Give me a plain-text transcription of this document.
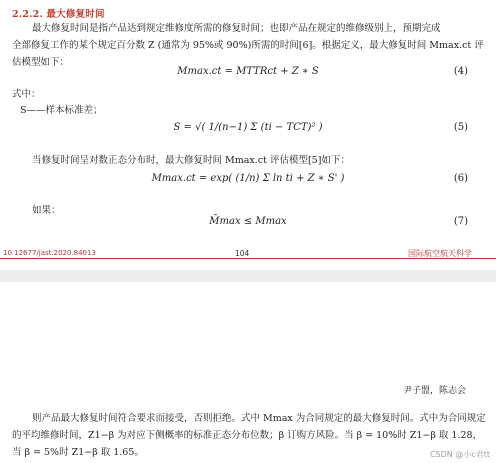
2.2.2. 最大修复时间
最大修复时间是指产品达到规定维修度所需的修复时间；也即产品在规定的维修级别上，预期完成
全部修复工作的某个规定百分数 Z (通常为 95%或 90%)所需的时间[6]。根据定义，最大修复时间 Mmax.ct 评
估模型如下：
Mmax.ct = MTTRct + Z ∗ S	(4)
式中：
S——样本标准差；
S = √( 1/(n−1) Σ (ti − TCT)² )	(5)
当修复时间呈对数正态分布时，最大修复时间 Mmax.ct 评估模型[5]如下：
Mmax.ct = exp( (1/n) Σ ln ti + Z ∗ S' )	(6)
如果：
M̄max ≤ Mmax	(7)
10.12677/jast.2020.84013	104	国际航空航天科学
尹子盟，陈志会
则产品最大修复时间符合要求而接受，否则拒绝。式中 Mmax 为合同规定的最大修复时间。式中为合同规定的平均维修时间，Z1−β 为对应下侧概率的标准正态分布位数；β 订购方风险。当 β = 10%时 Z1−β 取 1.28，当 β = 5%时 Z1−β 取 1.65。	CSDN @小c君tt
